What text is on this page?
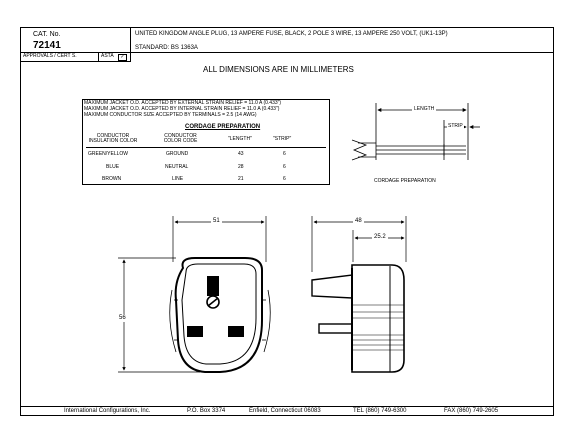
CAT. No.
72141
UNITED KINGDOM ANGLE PLUG, 13 AMPERE FUSE, BLACK, 2 POLE 3 WIRE, 13 AMPERE 250 VOLT, (UK1-13P)
STANDARD: BS 1363A
APPROVALS / CERT S.	ASTA	✓
ALL DIMENSIONS ARE IN MILLIMETERS
MAXIMUM JACKET O.D. ACCEPTED BY EXTERNAL STRAIN RELIEF = 11.0 A (0.433")
MAXIMUM JACKET O.D. ACCEPTED BY INTERNAL STRAIN RELIEF = 11.0 A (0.433")
MAXIMUM CONDUCTOR SIZE ACCEPTED BY TERMINALS = 2.5 (14 AWG)
CORDAGE PREPARATION
CONDUCTOR INSULATION COLOR
CONDUCTOR COLOR CODE	"LENGTH"	"STRIP"
GREEN/YELLOW	GROUND	43	6
BLUE	NEUTRAL	28	6
BROWN	LINE	21	6
LENGTH
STRIP
CORDAGE PREPARATION
51
56
48
25.2
International Configurations, Inc.	P.O. Box 3374	Enfield, Connecticut 06083	TEL (860) 749-6300	FAX (860) 749-2605
